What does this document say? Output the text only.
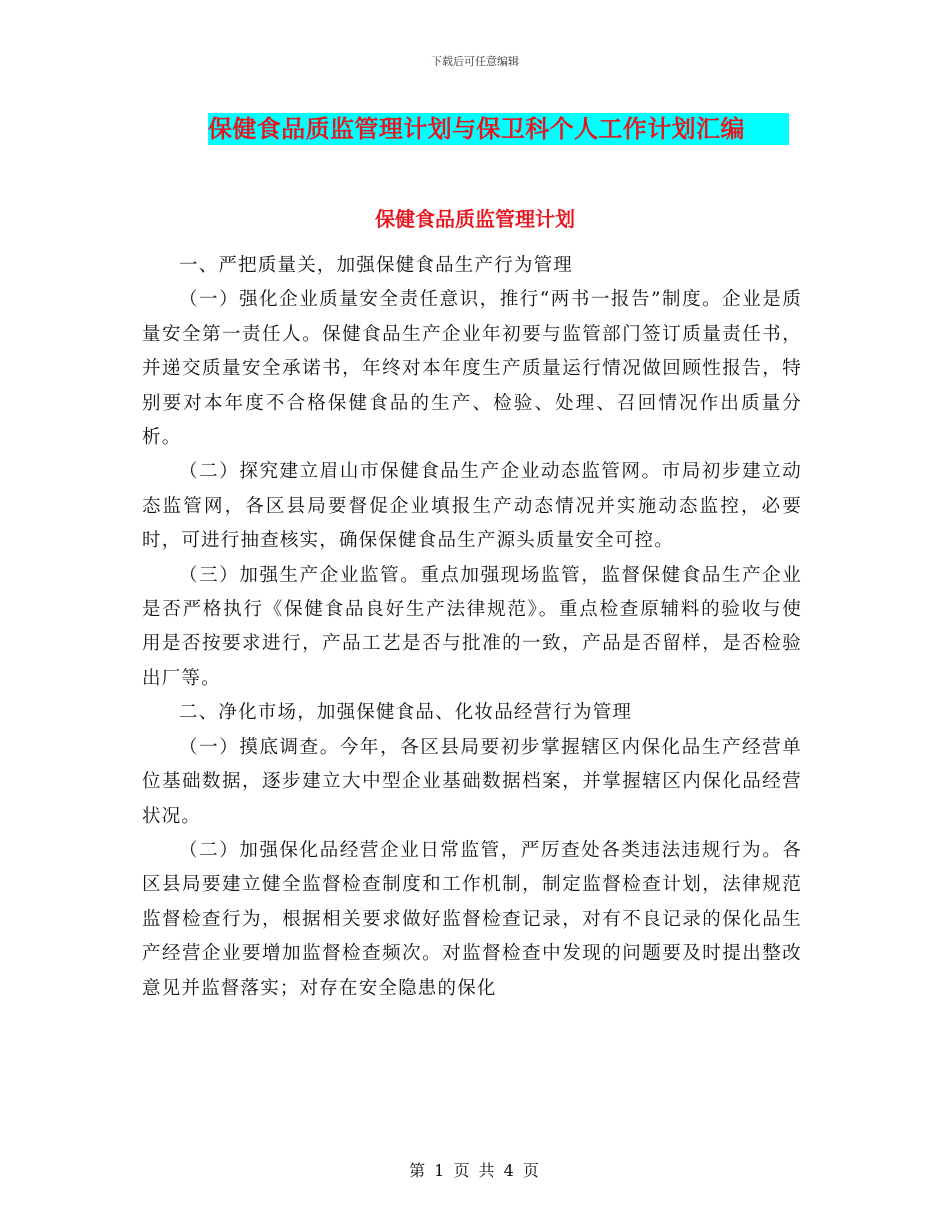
下载后可任意编辑
保健食品质监管理计划与保卫科个人工作计划汇编
保健食品质监管理计划

一、严把质量关，加强保健食品生产行为管理

（一）强化企业质量安全责任意识，推行“两书一报告”制度。企业是质量安全第一责任人。保健食品生产企业年初要与监管部门签订质量责任书，并递交质量安全承诺书，年终对本年度生产质量运行情况做回顾性报告，特别要对本年度不合格保健食品的生产、检验、处理、召回情况作出质量分析。

（二）探究建立眉山市保健食品生产企业动态监管网。市局初步建立动态监管网，各区县局要督促企业填报生产动态情况并实施动态监控，必要时，可进行抽查核实，确保保健食品生产源头质量安全可控。

（三）加强生产企业监管。重点加强现场监管，监督保健食品生产企业是否严格执行《保健食品良好生产法律规范》。重点检查原辅料的验收与使用是否按要求进行，产品工艺是否与批准的一致，产品是否留样，是否检验出厂等。

二、净化市场，加强保健食品、化妆品经营行为管理

（一）摸底调查。今年，各区县局要初步掌握辖区内保化品生产经营单位基础数据，逐步建立大中型企业基础数据档案，并掌握辖区内保化品经营状况。

（二）加强保化品经营企业日常监管，严厉查处各类违法违规行为。各区县局要建立健全监督检查制度和工作机制，制定监督检查计划，法律规范监督检查行为，根据相关要求做好监督检查记录，对有不良记录的保化品生产经营企业要增加监督检查频次。对监督检查中发现的问题要及时提出整改意见并监督落实；对存在安全隐患的保化

第 1 页 共 4 页
